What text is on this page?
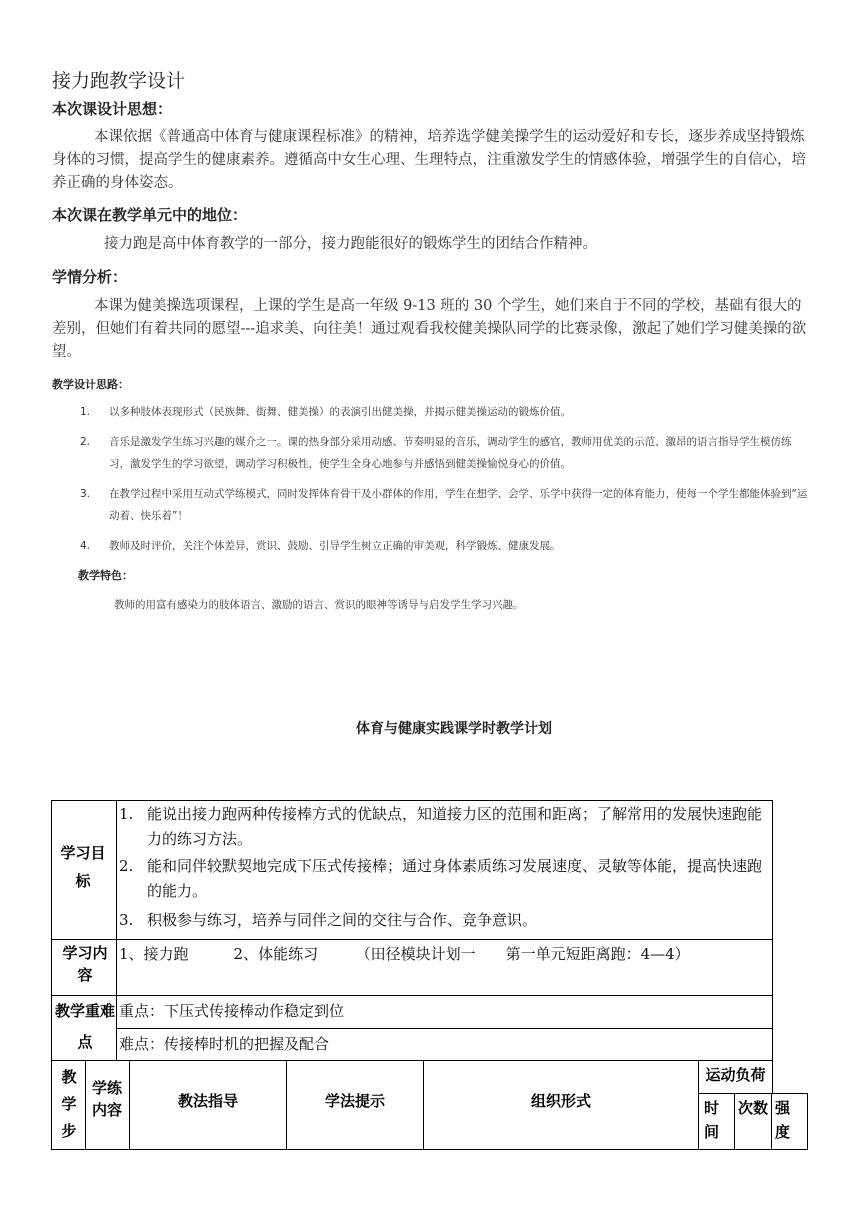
接力跑教学设计
本次课设计思想：
本课依据《普通高中体育与健康课程标准》的精神，培养选学健美操学生的运动爱好和专长，逐步养成坚持锻炼身体的习惯，提高学生的健康素养。遵循高中女生心理、生理特点，注重激发学生的情感体验，增强学生的自信心，培养正确的身体姿态。
本次课在教学单元中的地位：
接力跑是高中体育教学的一部分，接力跑能很好的锻炼学生的团结合作精神。
学情分析：
本课为健美操选项课程，上课的学生是高一年级 9-13 班的 30 个学生，她们来自于不同的学校，基础有很大的差别，但她们有着共同的愿望---追求美、向往美！通过观看我校健美操队同学的比赛录像，激起了她们学习健美操的欲望。
教学设计思路：
1. 以多种肢体表现形式（民族舞、街舞、健美操）的表演引出健美操，并揭示健美操运动的锻炼价值。
2. 音乐是激发学生练习兴趣的媒介之一。课的热身部分采用动感、节奏明显的音乐，调动学生的感官，教师用优美的示范、激昂的语言指导学生模仿练习，激发学生的学习欲望，调动学习积极性，使学生全身心地参与并感悟到健美操愉悦身心的价值。
3. 在教学过程中采用互动式学练模式，同时发挥体育骨干及小群体的作用，学生在想学、会学、乐学中获得一定的体育能力，使每一个学生都能体验到“运动着、快乐着”！
4. 教师及时评价，关注个体差异，赏识、鼓励、引导学生树立正确的审美观，科学锻炼、健康发展。
教学特色：
教师的用富有感染力的肢体语言、激励的语言、赏识的眼神等诱导与启发学生学习兴趣。
体育与健康实践课学时教学计划
学习目标
1. 能说出接力跑两种传接棒方式的优缺点，知道接力区的范围和距离；了解常用的发展快速跑能力的练习方法。
2. 能和同伴较默契地完成下压式传接棒；通过身体素质练习发展速度、灵敏等体能，提高快速跑的能力。
3. 积极参与练习，培养与同伴之间的交往与合作、竞争意识。
学习内容
1、接力跑　　　2、体能练习　　　（田径模块计划一　　第一单元短距离跑：4—4）
教学重难点
重点：下压式传接棒动作稳定到位
难点：传接棒时机的把握及配合
教学步
学练内容
教法指导	学法提示	组织形式
运动负荷
时间
次数 强度
